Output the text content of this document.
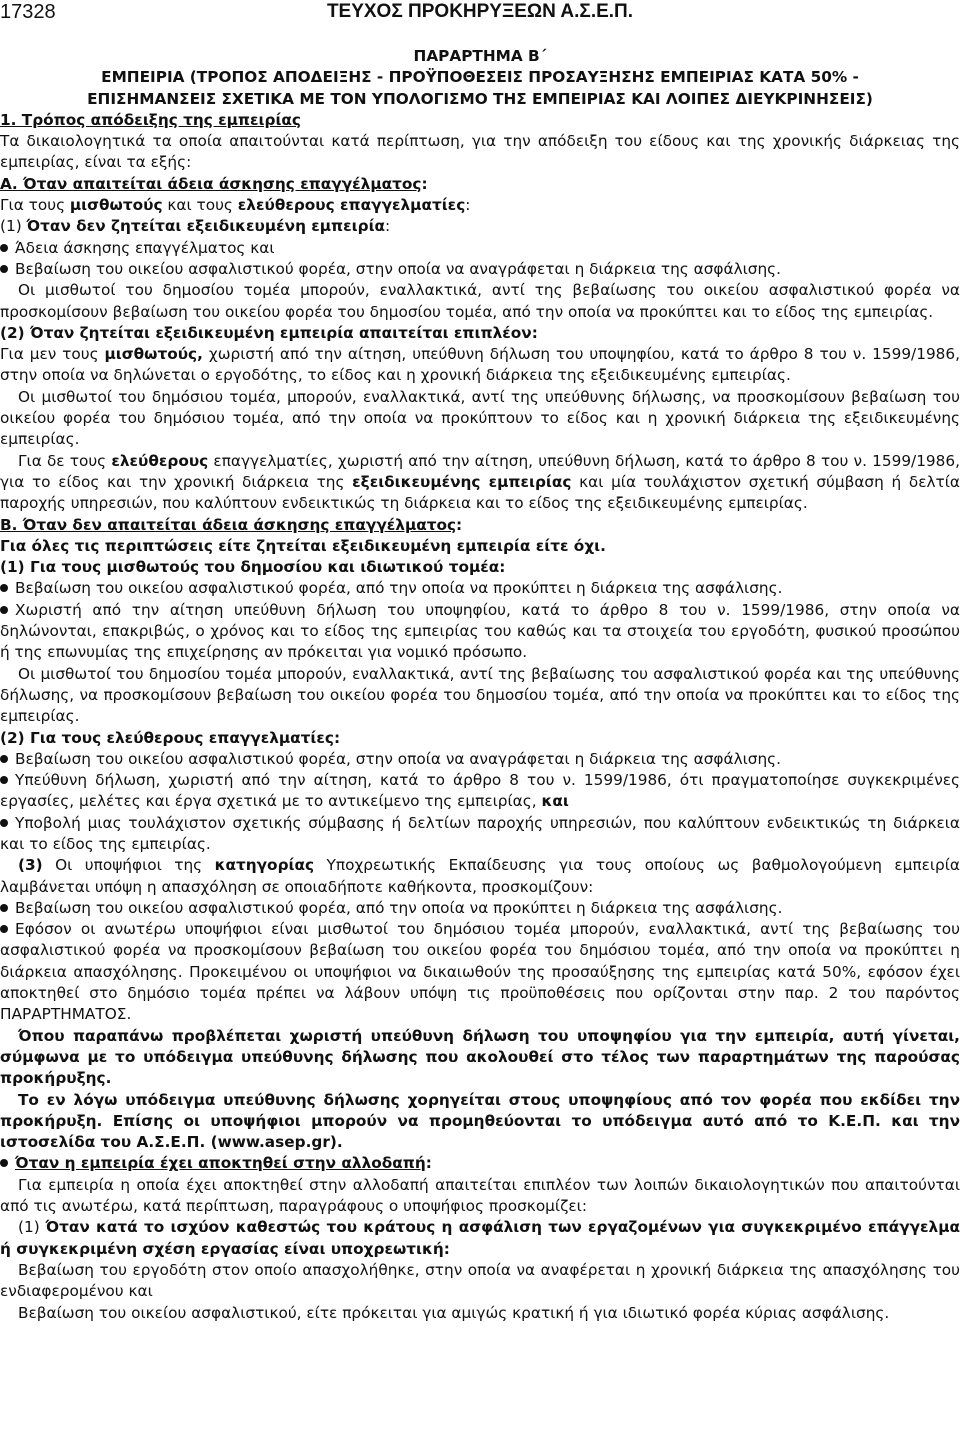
17328	ΤΕΥΧΟΣ ΠΡΟΚΗΡΥΞΕΩΝ Α.Σ.Ε.Π.

ΠΑΡΑΡΤΗΜΑ Β΄

ΕΜΠΕΙΡΙΑ (ΤΡΟΠΟΣ ΑΠΟΔΕΙΞΗΣ - ΠΡΟΫΠΟΘΕΣΕΙΣ ΠΡΟΣΑΥΞΗΣΗΣ ΕΜΠΕΙΡΙΑΣ ΚΑΤΑ 50% -

ΕΠΙΣΗΜΑΝΣΕΙΣ ΣΧΕΤΙΚΑ ΜΕ ΤΟΝ ΥΠΟΛΟΓΙΣΜΟ ΤΗΣ ΕΜΠΕΙΡΙΑΣ ΚΑΙ ΛΟΙΠΕΣ ΔΙΕΥΚΡΙΝΗΣΕΙΣ)

1. Τρόπος απόδειξης της εμπειρίας

Τα δικαιολογητικά τα οποία απαιτούνται κατά περίπτωση, για την απόδειξη του είδους και της χρονικής διάρκειας της εμπειρίας, είναι τα εξής:

Α. Όταν απαιτείται άδεια άσκησης επαγγέλματος:

Για τους μισθωτούς και τους ελεύθερους επαγγελματίες:

(1) Όταν δεν ζητείται εξειδικευμένη εμπειρία:

Άδεια άσκησης επαγγέλματος και

Βεβαίωση του οικείου ασφαλιστικού φορέα, στην οποία να αναγράφεται η διάρκεια της ασφάλισης.

Οι μισθωτοί του δημοσίου τομέα μπορούν, εναλλακτικά, αντί της βεβαίωσης του οικείου ασφαλιστικού φορέα να προσκομίσουν βεβαίωση του οικείου φορέα του δημοσίου τομέα, από την οποία να προκύπτει και το είδος της εμπειρίας.

(2) Όταν ζητείται εξειδικευμένη εμπειρία απαιτείται επιπλέον:

Για μεν τους μισθωτούς, χωριστή από την αίτηση, υπεύθυνη δήλωση του υποψηφίου, κατά το άρθρο 8 του ν. 1599/1986, στην οποία να δηλώνεται ο εργοδότης, το είδος και η χρονική διάρκεια της εξειδικευμένης εμπειρίας.

Οι μισθωτοί του δημόσιου τομέα, μπορούν, εναλλακτικά, αντί της υπεύθυνης δήλωσης, να προσκομίσουν βεβαίωση του οικείου φορέα του δημόσιου τομέα, από την οποία να προκύπτουν το είδος και η χρονική διάρκεια της εξειδικευμένης εμπειρίας.

Για δε τους ελεύθερους επαγγελματίες, χωριστή από την αίτηση, υπεύθυνη δήλωση, κατά το άρθρο 8 του ν. 1599/1986, για το είδος και την χρονική διάρκεια της εξειδικευμένης εμπειρίας και μία τουλάχιστον σχετική σύμβαση ή δελτία παροχής υπηρεσιών, που καλύπτουν ενδεικτικώς τη διάρκεια και το είδος της εξειδικευμένης εμπειρίας.

Β. Όταν δεν απαιτείται άδεια άσκησης επαγγέλματος:

Για όλες τις περιπτώσεις είτε ζητείται εξειδικευμένη εμπειρία είτε όχι.

(1) Για τους μισθωτούς του δημοσίου και ιδιωτικού τομέα:

Βεβαίωση του οικείου ασφαλιστικού φορέα, από την οποία να προκύπτει η διάρκεια της ασφάλισης.

Χωριστή από την αίτηση υπεύθυνη δήλωση του υποψηφίου, κατά το άρθρο 8 του ν. 1599/1986, στην οποία να δηλώνονται, επακριβώς, ο χρόνος και το είδος της εμπειρίας του καθώς και τα στοιχεία του εργοδότη, φυσικού προσώπου ή της επωνυμίας της επιχείρησης αν πρόκειται για νομικό πρόσωπο.

Οι μισθωτοί του δημοσίου τομέα μπορούν, εναλλακτικά, αντί της βεβαίωσης του ασφαλιστικού φορέα και της υπεύθυνης δήλωσης, να προσκομίσουν βεβαίωση του οικείου φορέα του δημοσίου τομέα, από την οποία να προκύπτει και το είδος της εμπειρίας.

(2) Για τους ελεύθερους επαγγελματίες:

Βεβαίωση του οικείου ασφαλιστικού φορέα, στην οποία να αναγράφεται η διάρκεια της ασφάλισης.

Υπεύθυνη δήλωση, χωριστή από την αίτηση, κατά το άρθρο 8 του ν. 1599/1986, ότι πραγματοποίησε συγκεκριμένες εργασίες, μελέτες και έργα σχετικά με το αντικείμενο της εμπειρίας, και

Υποβολή μιας τουλάχιστον σχετικής σύμβασης ή δελτίων παροχής υπηρεσιών, που καλύπτουν ενδεικτικώς τη διάρκεια και το είδος της εμπειρίας.

(3) Οι υποψήφιοι της κατηγορίας Υποχρεωτικής Εκπαίδευσης για τους οποίους ως βαθμολογούμενη εμπειρία λαμβάνεται υπόψη η απασχόληση σε οποιαδήποτε καθήκοντα, προσκομίζουν:

Βεβαίωση του οικείου ασφαλιστικού φορέα, από την οποία να προκύπτει η διάρκεια της ασφάλισης.

Εφόσον οι ανωτέρω υποψήφιοι είναι μισθωτοί του δημόσιου τομέα μπορούν, εναλλακτικά, αντί της βεβαίωσης του ασφαλιστικού φορέα να προσκομίσουν βεβαίωση του οικείου φορέα του δημόσιου τομέα, από την οποία να προκύπτει η διάρκεια απασχόλησης. Προκειμένου οι υποψήφιοι να δικαιωθούν της προσαύξησης της εμπειρίας κατά 50%, εφόσον έχει αποκτηθεί στο δημόσιο τομέα πρέπει να λάβουν υπόψη τις προϋποθέσεις που ορίζονται στην παρ. 2 του παρόντος ΠΑΡΑΡΤΗΜΑΤΟΣ.

Όπου παραπάνω προβλέπεται χωριστή υπεύθυνη δήλωση του υποψηφίου για την εμπειρία, αυτή γίνεται, σύμφωνα με το υπόδειγμα υπεύθυνης δήλωσης που ακολουθεί στο τέλος των παραρτημάτων της παρούσας προκήρυξης.

Το εν λόγω υπόδειγμα υπεύθυνης δήλωσης χορηγείται στους υποψηφίους από τον φορέα που εκδίδει την προκήρυξη. Επίσης οι υποψήφιοι μπορούν να προμηθεύονται το υπόδειγμα αυτό από το Κ.Ε.Π. και την ιστοσελίδα του Α.Σ.Ε.Π. (www.asep.gr).

Όταν η εμπειρία έχει αποκτηθεί στην αλλοδαπή:

Για εμπειρία η οποία έχει αποκτηθεί στην αλλοδαπή απαιτείται επιπλέον των λοιπών δικαιολογητικών που απαιτούνται από τις ανωτέρω, κατά περίπτωση, παραγράφους ο υποψήφιος προσκομίζει:

(1) Όταν κατά το ισχύον καθεστώς του κράτους η ασφάλιση των εργαζομένων για συγκεκριμένο επάγγελμα ή συγκεκριμένη σχέση εργασίας είναι υποχρεωτική:

Βεβαίωση του εργοδότη στον οποίο απασχολήθηκε, στην οποία να αναφέρεται η χρονική διάρκεια της απασχόλησης του ενδιαφερομένου και

Βεβαίωση του οικείου ασφαλιστικού, είτε πρόκειται για αμιγώς κρατική ή για ιδιωτικό φορέα κύριας ασφάλισης.
